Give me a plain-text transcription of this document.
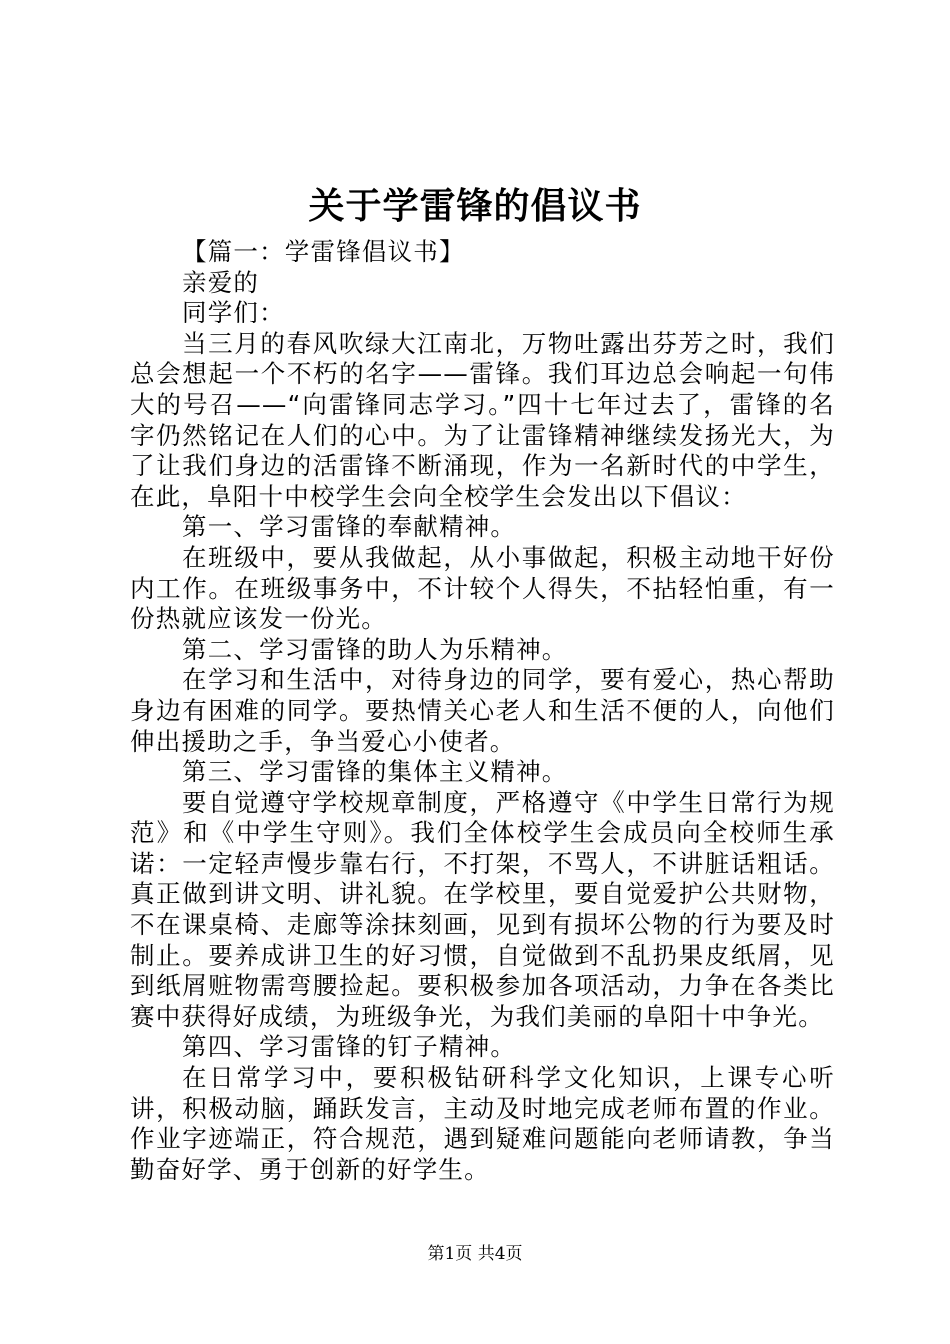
关于学雷锋的倡议书

【篇一：学雷锋倡议书】

亲爱的

同学们：

当三月的春风吹绿大江南北，万物吐露出芬芳之时，我们总会想起一个不朽的名字——雷锋。我们耳边总会响起一句伟大的号召——“向雷锋同志学习。”四十七年过去了，雷锋的名字仍然铭记在人们的心中。为了让雷锋精神继续发扬光大，为了让我们身边的活雷锋不断涌现，作为一名新时代的中学生，在此，阜阳十中校学生会向全校学生会发出以下倡议：

第一、学习雷锋的奉献精神。

在班级中，要从我做起，从小事做起，积极主动地干好份内工作。在班级事务中，不计较个人得失，不拈轻怕重，有一份热就应该发一份光。

第二、学习雷锋的助人为乐精神。

在学习和生活中，对待身边的同学，要有爱心，热心帮助身边有困难的同学。要热情关心老人和生活不便的人，向他们伸出援助之手，争当爱心小使者。

第三、学习雷锋的集体主义精神。

要自觉遵守学校规章制度，严格遵守《中学生日常行为规范》和《中学生守则》。我们全体校学生会成员向全校师生承诺：一定轻声慢步靠右行，不打架，不骂人，不讲脏话粗话。真正做到讲文明、讲礼貌。在学校里，要自觉爱护公共财物，不在课桌椅、走廊等涂抹刻画，见到有损坏公物的行为要及时制止。要养成讲卫生的好习惯，自觉做到不乱扔果皮纸屑，见到纸屑赃物需弯腰捡起。要积极参加各项活动，力争在各类比赛中获得好成绩，为班级争光，为我们美丽的阜阳十中争光。

第四、学习雷锋的钉子精神。

在日常学习中，要积极钻研科学文化知识，上课专心听讲，积极动脑，踊跃发言，主动及时地完成老师布置的作业。作业字迹端正，符合规范，遇到疑难问题能向老师请教，争当勤奋好学、勇于创新的好学生。

第1页 共4页
